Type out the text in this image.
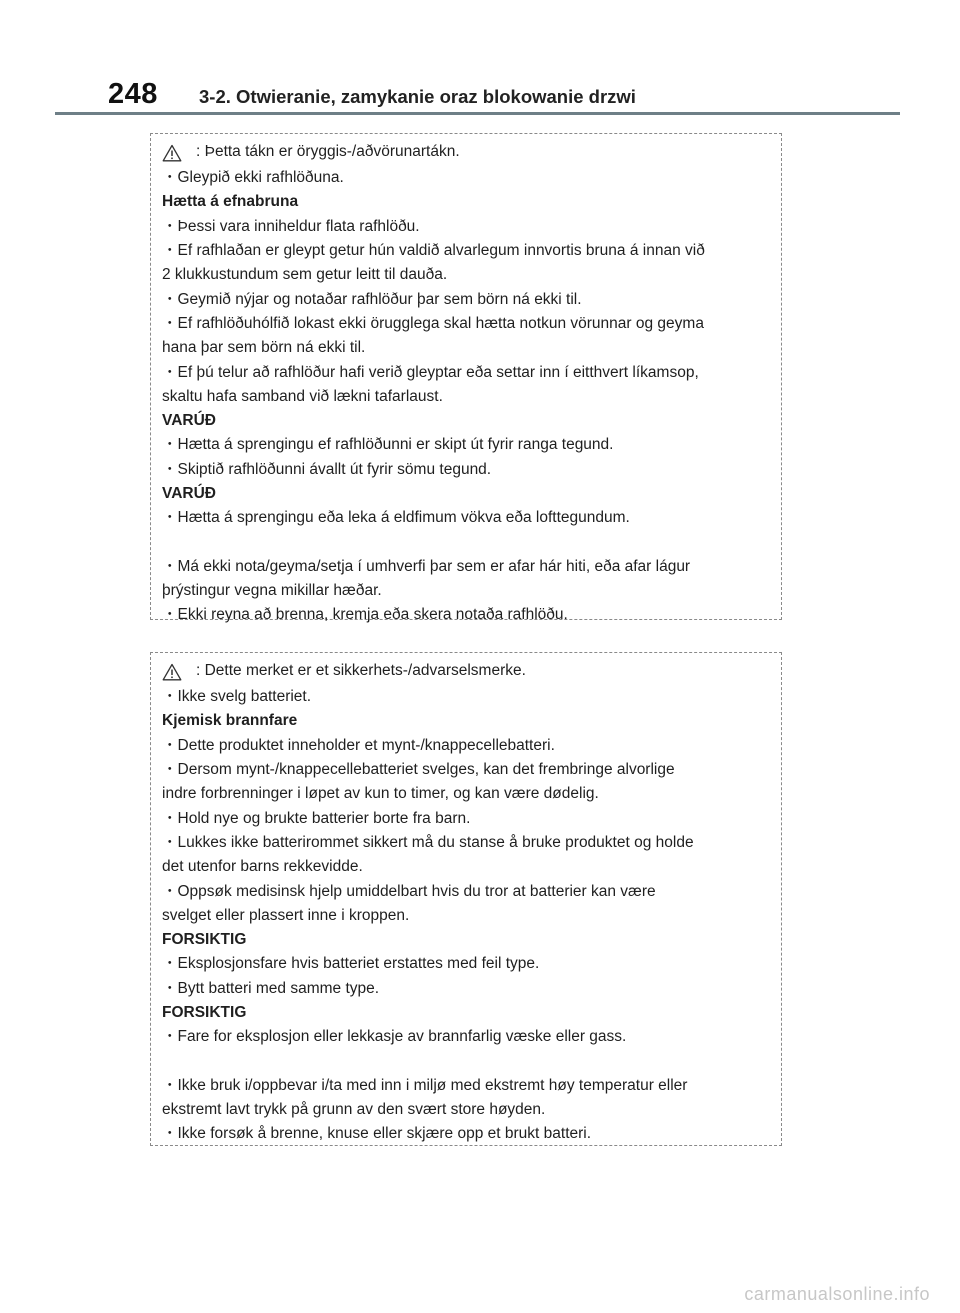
248 3-2. Otwieranie, zamykanie oraz blokowanie drzwi
: Þetta tákn er öryggis-/aðvörunartákn.
・Gleypið ekki rafhlöðuna.
Hætta á efnabruna
・Þessi vara inniheldur flata rafhlöðu.
・Ef rafhlaðan er gleypt getur hún valdið alvarlegum innvortis bruna á innan við
2 klukkustundum sem getur leitt til dauða.
・Geymið nýjar og notaðar rafhlöður þar sem börn ná ekki til.
・Ef rafhlöðuhólfið lokast ekki örugglega skal hætta notkun vörunnar og geyma
hana þar sem börn ná ekki til.
・Ef þú telur að rafhlöður hafi verið gleyptar eða settar inn í eitthvert líkamsop,
skaltu hafa samband við lækni tafarlaust.
VARÚÐ
・Hætta á sprengingu ef rafhlöðunni er skipt út fyrir ranga tegund.
・Skiptið rafhlöðunni ávallt út fyrir sömu tegund.
VARÚÐ
・Hætta á sprengingu eða leka á eldfimum vökva eða lofttegundum.
・Má ekki nota/geyma/setja í umhverfi þar sem er afar hár hiti, eða afar lágur
þrýstingur vegna mikillar hæðar.
・Ekki reyna að brenna, kremja eða skera notaða rafhlöðu.
: Dette merket er et sikkerhets-/advarselsmerke.
・Ikke svelg batteriet.
Kjemisk brannfare
・Dette produktet inneholder et mynt-/knappecellebatteri.
・Dersom mynt-/knappecellebatteriet svelges, kan det frembringe alvorlige
indre forbrenninger i løpet av kun to timer, og kan være dødelig.
・Hold nye og brukte batterier borte fra barn.
・Lukkes ikke batterirommet sikkert må du stanse å bruke produktet og holde
det utenfor barns rekkevidde.
・Oppsøk medisinsk hjelp umiddelbart hvis du tror at batterier kan være
svelget eller plassert inne i kroppen.
FORSIKTIG
・Eksplosjonsfare hvis batteriet erstattes med feil type.
・Bytt batteri med samme type.
FORSIKTIG
・Fare for eksplosjon eller lekkasje av brannfarlig væske eller gass.
・Ikke bruk i/oppbevar i/ta med inn i miljø med ekstremt høy temperatur eller
ekstremt lavt trykk på grunn av den svært store høyden.
・Ikke forsøk å brenne, knuse eller skjære opp et brukt batteri.
carmanualsonline.info
